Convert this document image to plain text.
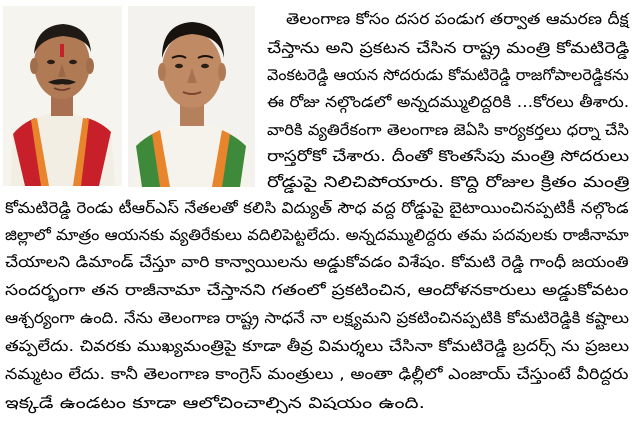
తెలంగాణ కోసం దసర పండుగ తర్వాత ఆమరణ దీక్ష
చేస్తాను అని ప్రకటన చేసిన రాష్ట్ర మంత్రి కోమటిరెడ్డి
వెంకటరెడ్డి ఆయన సోదరుడు కోమటిరెడ్డి రాజగోపాలరెడ్డికను
ఈ రోజు నల్గొండలో అన్నదమ్ములిద్దరికి ...కోరలు తీశారు.
వారికి వ్యతిరేకంగా తెలంగాణ జెఏసి కార్యకర్తలు ధర్నా చేసి
రాస్తరోకో చేశారు. దీంతో కొంతసేపు మంత్రి సోదరులు
రోడ్డుపై నిలిచిపోయారు. కొద్ది రోజుల క్రితం మంత్రి
కోమటిరెడ్డి రెండు టీఆర్ఎస్ నేతలతో కలిసి విద్యుత్ సౌధ వద్ద రోడ్డుపై బైటాయించినప్పటికీ నల్గొండ
జిల్లాలో మాత్రం ఆయనకు వ్యతిరేకులు వదిలిపెట్టలేదు. అన్నదమ్ములిద్దరు తమ పదవులకు రాజీనామా
చేయాలని డిమాండ్ చేస్తూ వారి కాన్వాయిలను అడ్డుకోవడం విశేషం. కోమటి రెడ్డి గాంధీ జయంతి
సందర్భంగా తన రాజీనామా చేస్తానని గతంలో ప్రకటించిన, ఆందోళనకారులు అడ్డుకోవటం
ఆశ్చర్యంగా ఉంది. నేను తెలంగాణ రాష్ట్ర సాధనే నా లక్ష్యమని ప్రకటించినప్పటికి కోమటిరెడ్డికి కష్టాలు
తప్పలేదు. చివరకు ముఖ్యమంత్రిపై కూడా తీవ్ర విమర్శలు చేసినా కోమటిరెడ్డి బ్రదర్స్ ను ప్రజలు
నమ్మటం లేదు. కానీ తెలంగాణ కాంగ్రెస్ మంత్రులు , అంతా ఢిల్లీలో ఎంజాయ్ చేస్తుంటే వీరిద్దరు
ఇక్కడే ఉండటం కూడా ఆలోచించాల్సిన విషయం ఉంది.
